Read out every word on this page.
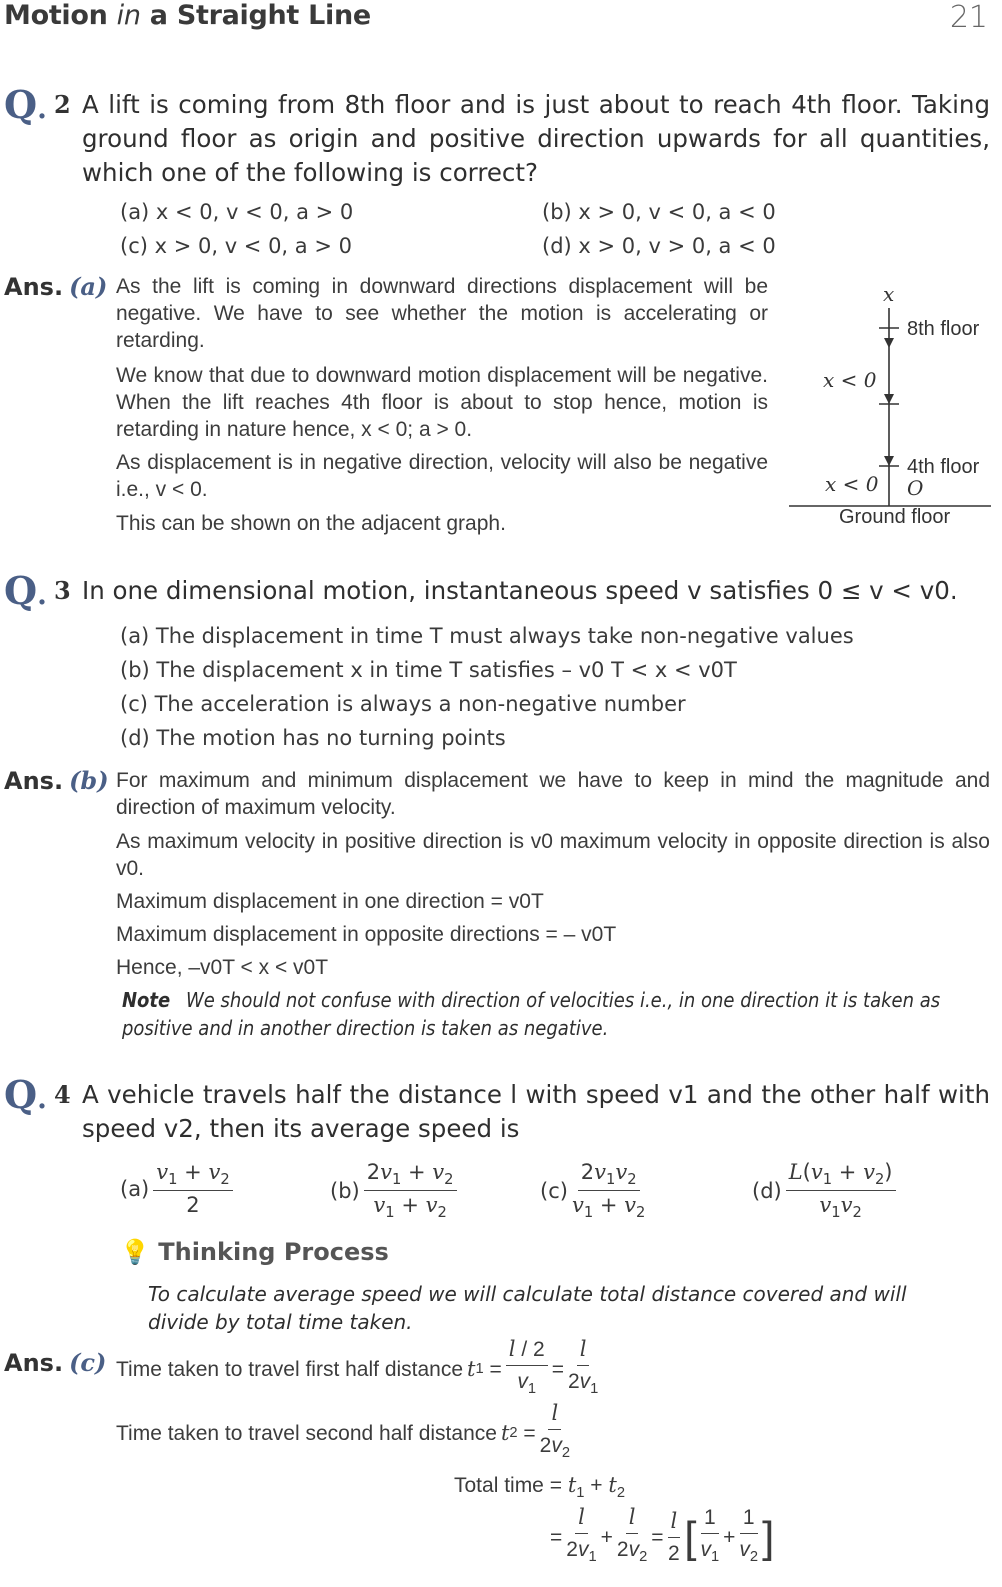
Motion in a Straight Line	21
Q. 2 A lift is coming from 8th floor and is just about to reach 4th floor. Taking ground floor as origin and positive direction upwards for all quantities, which one of the following is correct?
(a) x < 0, v < 0, a > 0	(b) x > 0, v < 0, a < 0
(c) x > 0, v < 0, a > 0	(d) x > 0, v > 0, a < 0
Ans. (a) As the lift is coming in downward directions displacement will be negative. We have to see whether the motion is accelerating or retarding.
We know that due to downward motion displacement will be negative. When the lift reaches 4th floor is about to stop hence, motion is retarding in nature hence, x < 0; a > 0.
As displacement is in negative direction, velocity will also be negative i.e., v < 0.
This can be shown on the adjacent graph.
x
8th floor
x < 0
4th floor
x < 0 O
Ground floor
Q. 3 In one dimensional motion, instantaneous speed v satisfies 0 ≤ v < v0.
(a) The displacement in time T must always take non-negative values
(b) The displacement x in time T satisfies – v0 T < x < v0T
(c) The acceleration is always a non-negative number
(d) The motion has no turning points
Ans. (b) For maximum and minimum displacement we have to keep in mind the magnitude and direction of maximum velocity.
As maximum velocity in positive direction is v0 maximum velocity in opposite direction is also v0.
Maximum displacement in one direction = v0T
Maximum displacement in opposite directions = – v0T
Hence, –v0T < x < v0T
Note We should not confuse with direction of velocities i.e., in one direction it is taken as positive and in another direction is taken as negative.
Q. 4 A vehicle travels half the distance l with speed v1 and the other half with speed v2, then its average speed is
$(a) \frac{v_1 + v_2}{2}$	$(b) \frac{2v_1 + v_2}{v_1 + v_2}$	$(c) \frac{2v_1v_2}{v_1 + v_2}$	$(d) \frac{L(v_1 + v_2)}{v_1v_2}$
💡 Thinking Process
To calculate average speed we will calculate total distance covered and will divide by total time taken.
Ans. (c) Time taken to travel first half distance t $1 = \frac{l / 2}{v_1} = \frac{l}{2v_1}$
Time taken to travel second half distance t $2 = \frac{l}{2v_2}$
Total time = $t_1 + t_2$
= $\frac{l}{2v_1} + \frac{l}{2v_2} = \frac{l}{2}$ [ $\frac{1}{v_1} + \frac{1}{v_2}$ ]
